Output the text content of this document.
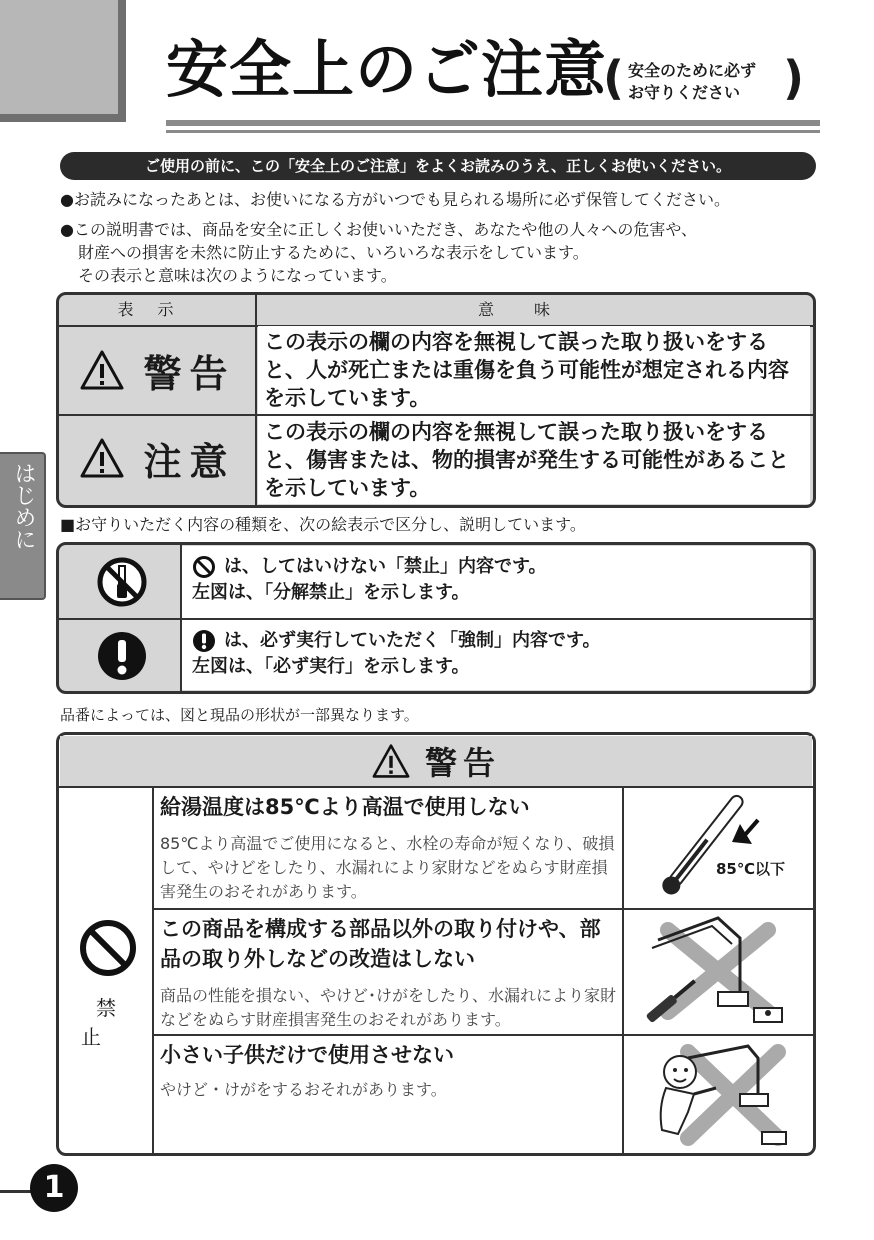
安全上のご注意
( 安全のために必ず
お守りください )
はじめに
ご使用の前に、この「安全上のご注意」をよくお読みのうえ、正しくお使いください。
●お読みになったあとは、お使いになる方がいつでも見られる場所に必ず保管してください。
●この説明書では、商品を安全に正しくお使いいただき、あなたや他の人々への危害や、
財産への損害を未然に防止するために、いろいろな表示をしています。
その表示と意味は次のようになっています。
表示	意味
警告
この表示の欄の内容を無視して誤った取り扱いをすると、人が死亡または重傷を負う可能性が想定される内容を示しています。
注意
この表示の欄の内容を無視して誤った取り扱いをすると、傷害または、物的損害が発生する可能性があることを示しています。
■お守りいただく内容の種類を、次の絵表示で区分し、説明しています。
は、してはいけない「禁止」内容です。
左図は、「分解禁止」を示します。
は、必ず実行していただく「強制」内容です。
左図は、「必ず実行」を示します。
品番によっては、図と現品の形状が一部異なります。
警告
禁止
給湯温度は85℃より高温で使用しない
85℃より高温でご使用になると、水栓の寿命が短くなり、破損して、やけどをしたり、水漏れにより家財などをぬらす財産損害発生のおそれがあります。
この商品を構成する部品以外の取り付けや、部品の取り外しなどの改造はしない
商品の性能を損ない、やけど･けがをしたり、水漏れにより家財などをぬらす財産損害発生のおそれがあります。
小さい子供だけで使用させない
やけど・けがをするおそれがあります。
85℃以下
1
